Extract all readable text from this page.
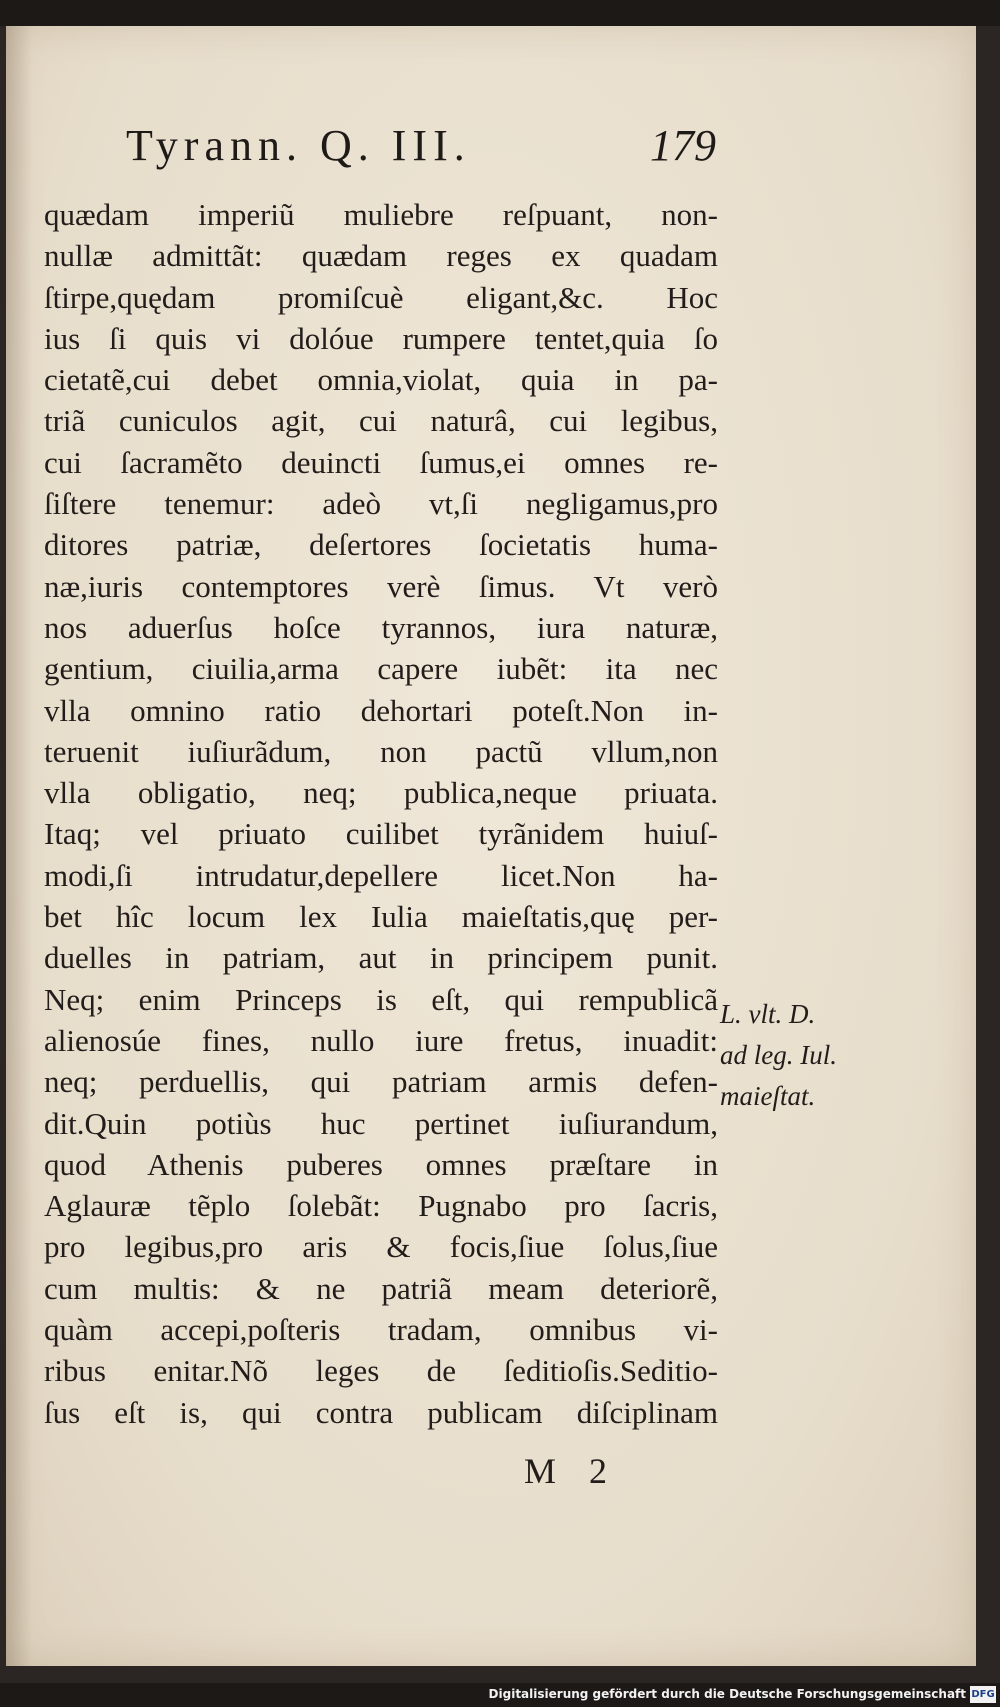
Tyrann. Q. III.	179
quædam imperiũ muliebre reſpuant, non-
nullæ admittãt: quædam reges ex quadam
ſtirpe,quędam promiſcuè eligant,&c. Hoc
ius ſi quis vi dolóue rumpere tentet,quia ſo
cietatẽ,cui debet omnia,violat, quia in pa-
triã cuniculos agit, cui naturâ, cui legibus,
cui ſacramẽto deuincti ſumus,ei omnes re-
ſiſtere tenemur: adeò vt,ſi negligamus,pro
ditores patriæ, deſertores ſocietatis huma-
næ,iuris contemptores verè ſimus. Vt verò
nos aduerſus hoſce tyrannos, iura naturæ,
gentium, ciuilia,arma capere iubẽt: ita nec
vlla omnino ratio dehortari poteſt.Non in-
teruenit iuſiurãdum, non pactũ vllum,non
vlla obligatio, neq; publica,neque priuata.
Itaq; vel priuato cuilibet tyrãnidem huiuſ-
modi,ſi intrudatur,depellere licet.Non ha-
bet hîc locum lex Iulia maieſtatis,quę per-
duelles in patriam, aut in principem punit.
Neq; enim Princeps is eſt, qui rempublicã
alienosúe fines, nullo iure fretus, inuadit:
neq; perduellis, qui patriam armis defen-
dit.Quin potiùs huc pertinet iuſiurandum,
quod Athenis puberes omnes præſtare in
Aglauræ tẽplo ſolebãt: Pugnabo pro ſacris,
pro legibus,pro aris & focis,ſiue ſolus,ſiue
cum multis: & ne patriã meam deteriorẽ,
quàm accepi,poſteris tradam, omnibus vi-
ribus enitar.Nõ leges de ſeditioſis.Seditio-
ſus eſt is, qui contra publicam diſciplinam
L. vlt. D.
ad leg. Iul.
maieſtat.
M 2
Digitalisierung gefördert durch die Deutsche Forschungsgemeinschaft DFG
